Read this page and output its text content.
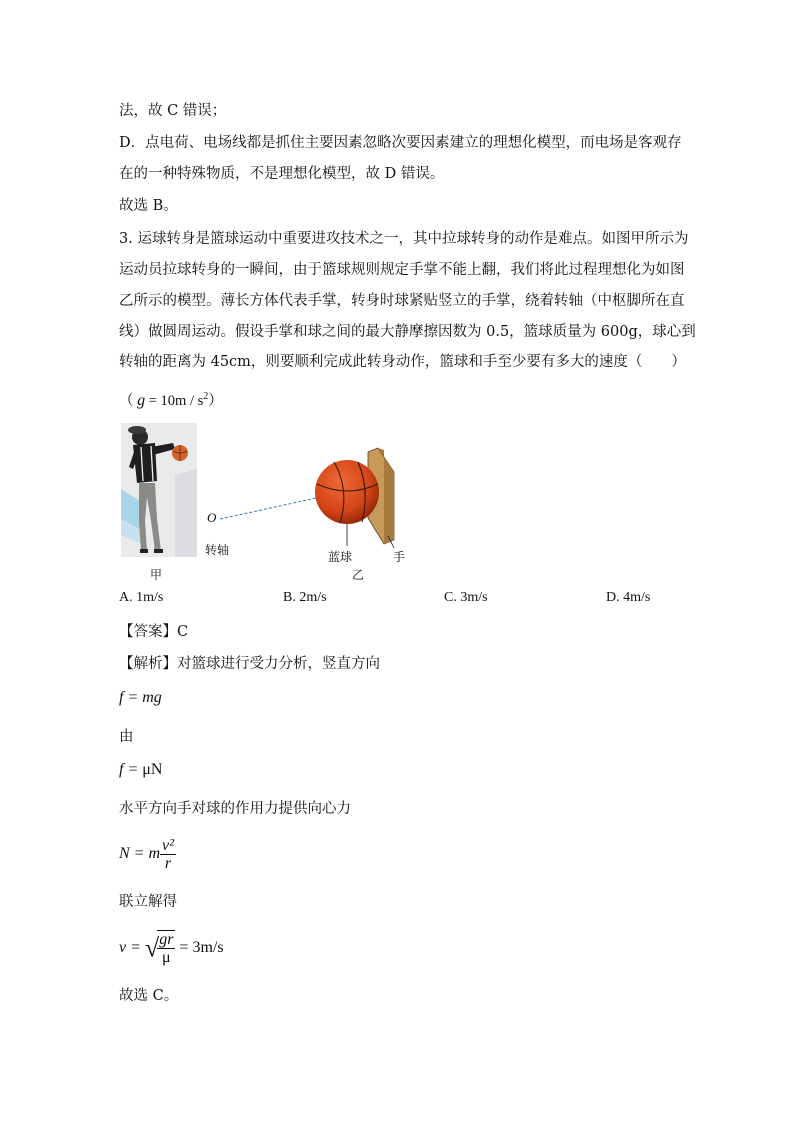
法，故 C 错误；
D．点电荷、电场线都是抓住主要因素忽略次要因素建立的理想化模型，而电场是客观存
在的一种特殊物质，不是理想化模型，故 D 错误。
故选 B。
3. 运球转身是篮球运动中重要进攻技术之一，其中拉球转身的动作是难点。如图甲所示为
运动员拉球转身的一瞬间，由于篮球规则规定手掌不能上翻，我们将此过程理想化为如图
乙所示的模型。薄长方体代表手掌，转身时球紧贴竖立的手掌，绕着转轴（中枢脚所在直
线）做圆周运动。假设手掌和球之间的最大静摩擦因数为 0.5，篮球质量为 600g，球心到
转轴的距离为 45cm，则要顺利完成此转身动作，篮球和手至少要有多大的速度（　　）
（ $g = 10m / s^2$）
甲
O
转轴	蓝球	手
乙
A. 1m/s	B. 2m/s	C. 3m/s	D. 4m/s
【答案】C
【解析】对篮球进行受力分析，竖直方向
f = mg
由
f = μN
水平方向手对球的作用力提供向心力
N = m $\frac{\text{v²}}{r}$
联立解得
v = √
$\frac{gr}{\mu} = 3m/s$
故选 C。
